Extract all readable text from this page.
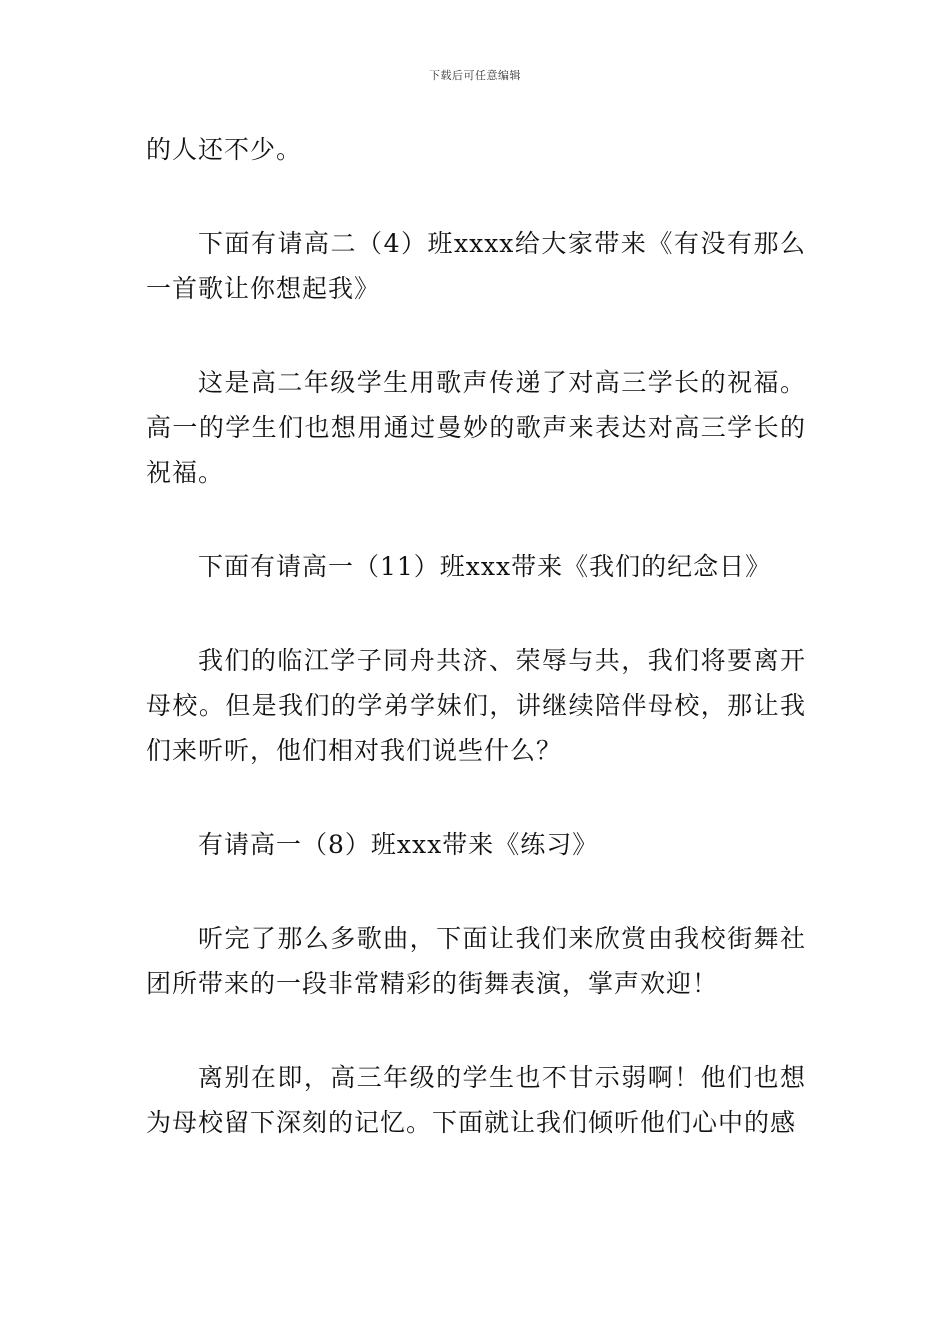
下载后可任意编辑

的人还不少。

下面有请高二（4）班xxxx给大家带来《有没有那么一首歌让你想起我》

这是高二年级学生用歌声传递了对高三学长的祝福。高一的学生们也想用通过曼妙的歌声来表达对高三学长的祝福。

下面有请高一（11）班xxx带来《我们的纪念日》

我们的临江学子同舟共济、荣辱与共，我们将要离开母校。但是我们的学弟学妹们，讲继续陪伴母校，那让我们来听听，他们相对我们说些什么？

有请高一（8）班xxx带来《练习》

听完了那么多歌曲，下面让我们来欣赏由我校街舞社团所带来的一段非常精彩的街舞表演，掌声欢迎！

离别在即，高三年级的学生也不甘示弱啊！他们也想为母校留下深刻的记忆。下面就让我们倾听他们心中的感
